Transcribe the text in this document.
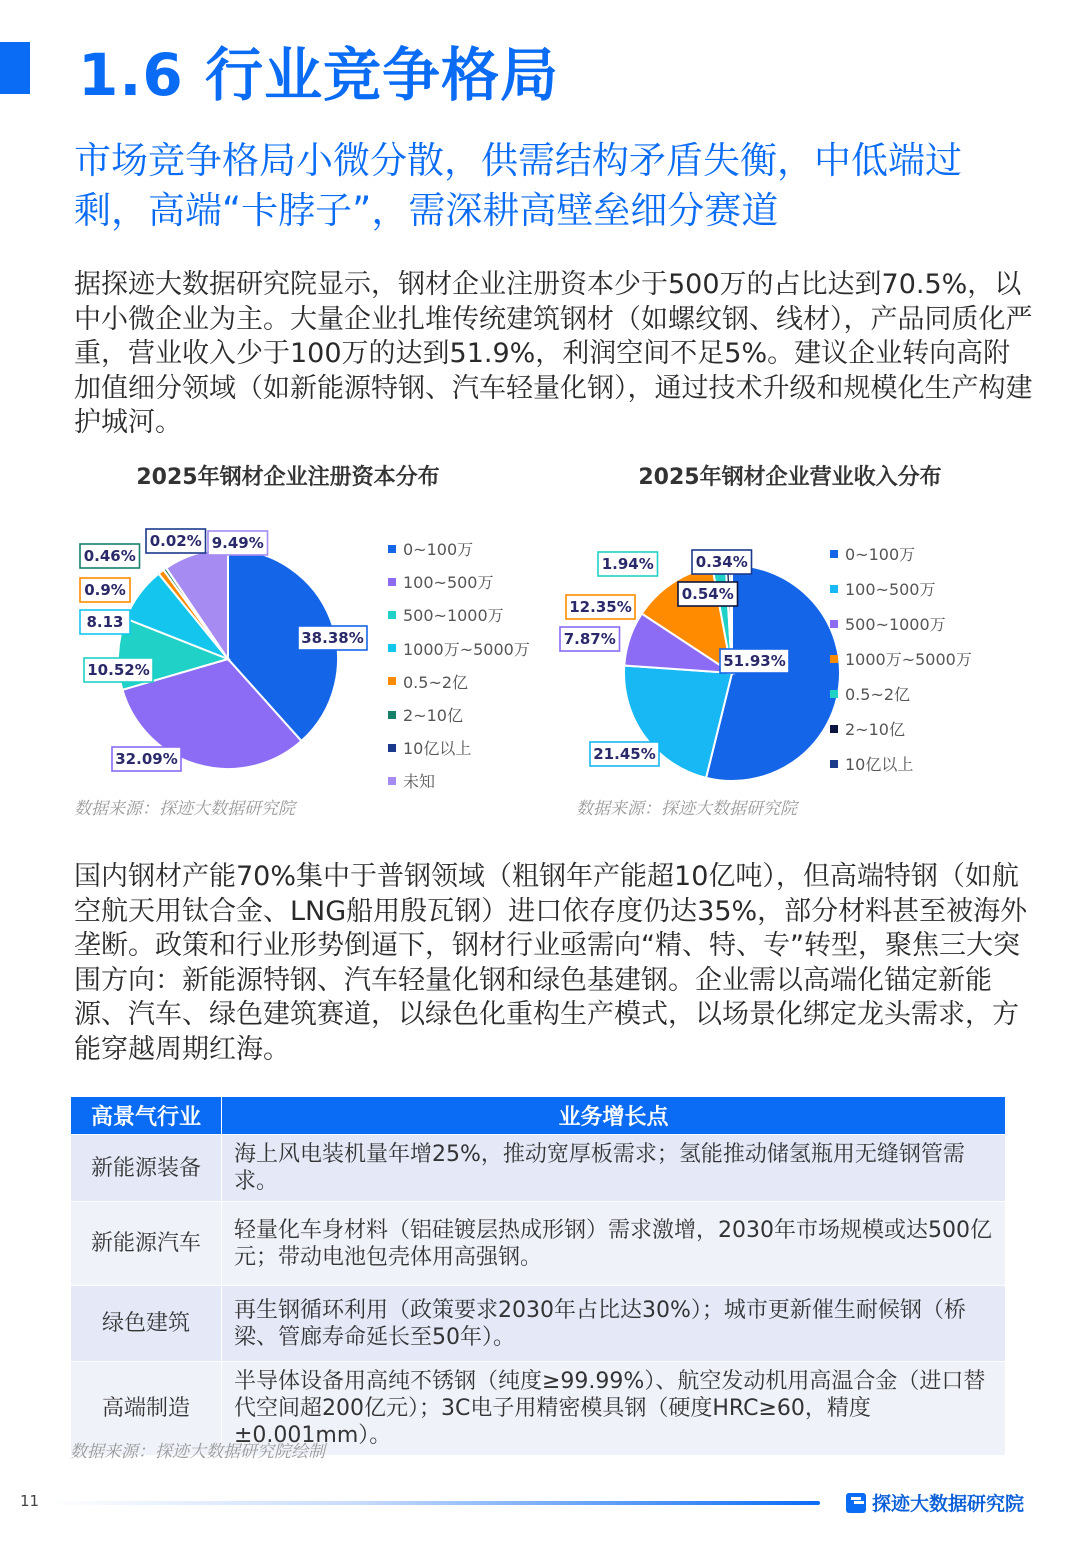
1.6 行业竞争格局

市场竞争格局小微分散，供需结构矛盾失衡，中低端过剩，高端“卡脖子”，需深耕高壁垒细分赛道

据探迹大数据研究院显示，钢材企业注册资本少于500万的占比达到70.5%，以中小微企业为主。大量企业扎堆传统建筑钢材（如螺纹钢、线材），产品同质化严重，营业收入少于100万的达到51.9%，利润空间不足5%。建议企业转向高附加值细分领域（如新能源特钢、汽车轻量化钢），通过技术升级和规模化生产构建护城河。

2025年钢材企业注册资本分布
38.38%
32.09%
10.52%
8.13
0.9%
0.46%
0.02% 9.49%	0~100万
100~500万
500~1000万
1000万~5000万
0.5~2亿
2~10亿
10亿以上
未知
数据来源：探迹大数据研究院
2025年钢材企业营业收入分布
51.93%
21.45%
7.87%
12.35%
1.94%
0.54%
0.34%	0~100万
100~500万
500~1000万
1000万~5000万
0.5~2亿
2~10亿
10亿以上
数据来源：探迹大数据研究院

国内钢材产能70%集中于普钢领域（粗钢年产能超10亿吨），但高端特钢（如航空航天用钛合金、LNG船用殷瓦钢）进口依存度仍达35%，部分材料甚至被海外垄断。政策和行业形势倒逼下，钢材行业亟需向“精、特、专”转型，聚焦三大突围方向：新能源特钢、汽车轻量化钢和绿色基建钢。企业需以高端化锚定新能源、汽车、绿色建筑赛道，以绿色化重构生产模式，以场景化绑定龙头需求，方能穿越周期红海。

高景气行业	业务增长点
新能源装备	海上风电装机量年增25%，推动宽厚板需求；氢能推动储氢瓶用无缝钢管需求。
新能源汽车	轻量化车身材料（铝硅镀层热成形钢）需求激增，2030年市场规模或达500亿元；带动电池包壳体用高强钢。
绿色建筑	再生钢循环利用（政策要求2030年占比达30%）；城市更新催生耐候钢（桥梁、管廊寿命延长至50年）。
高端制造	半导体设备用高纯不锈钢（纯度≥99.99%）、航空发动机用高温合金（进口替代空间超200亿元）；3C电子用精密模具钢（硬度HRC≥60，精度±0.001mm）。
数据来源：探迹大数据研究院绘制
11	探迹大数据研究院
